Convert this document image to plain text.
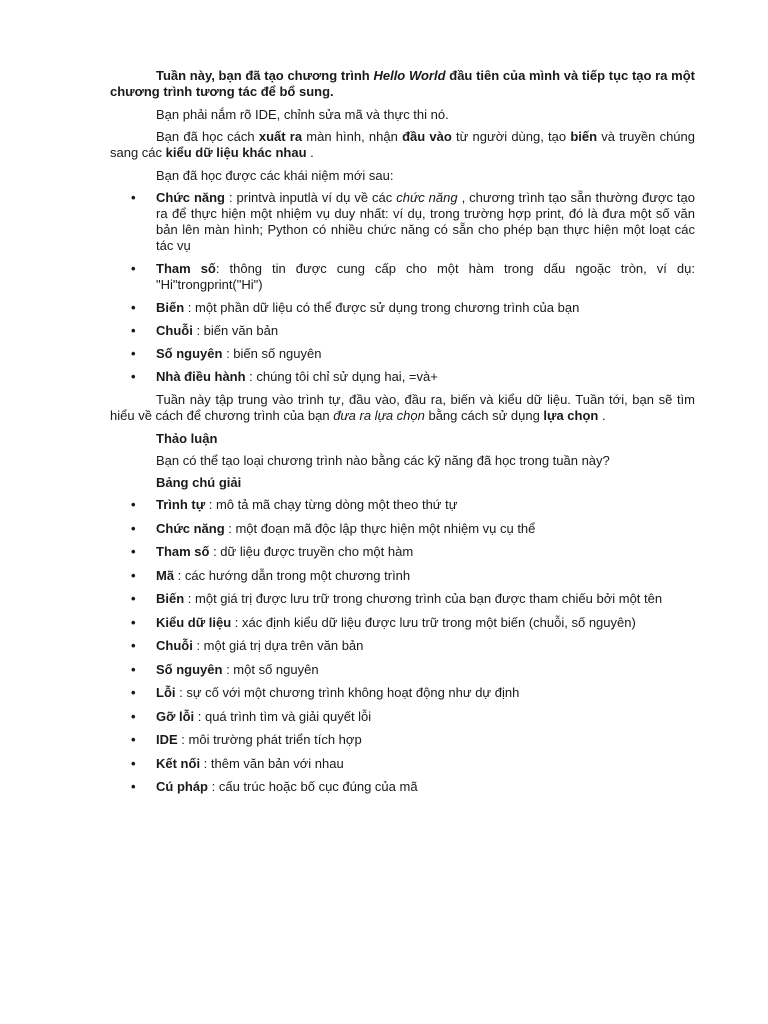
Tuần này, bạn đã tạo chương trình Hello World đầu tiên của mình và tiếp tục tạo ra một chương trình tương tác để bổ sung.

Bạn phải nắm rõ IDE, chỉnh sửa mã và thực thi nó.

Bạn đã học cách xuất ra màn hình, nhận đầu vào từ người dùng, tạo biến và truyền chúng sang các kiểu dữ liệu khác nhau .

Bạn đã học được các khái niệm mới sau:

• Chức năng : printvà inputlà ví dụ về các chức năng , chương trình tạo sẵn thường được tạo ra để thực hiện một nhiệm vụ duy nhất: ví dụ, trong trường hợp print, đó là đưa một số văn bản lên màn hình; Python có nhiều chức năng có sẵn cho phép bạn thực hiện một loạt các tác vụ
• Tham số: thông tin được cung cấp cho một hàm trong dấu ngoặc tròn, ví dụ: "Hi"trongprint("Hi")
• Biến : một phần dữ liệu có thể được sử dụng trong chương trình của bạn
• Chuỗi : biến văn bản
• Số nguyên : biến số nguyên
• Nhà điều hành : chúng tôi chỉ sử dụng hai, =và+

Tuần này tập trung vào trình tự, đầu vào, đầu ra, biến và kiểu dữ liệu. Tuần tới, bạn sẽ tìm hiểu về cách để chương trình của bạn đưa ra lựa chọn bằng cách sử dụng lựa chọn .

Thảo luận

Bạn có thể tạo loại chương trình nào bằng các kỹ năng đã học trong tuần này?

Bảng chú giải

• Trình tự : mô tả mã chạy từng dòng một theo thứ tự
• Chức năng : một đoạn mã độc lập thực hiện một nhiệm vụ cụ thể
• Tham số : dữ liệu được truyền cho một hàm
• Mã : các hướng dẫn trong một chương trình
• Biến : một giá trị được lưu trữ trong chương trình của bạn được tham chiếu bởi một tên
• Kiểu dữ liệu : xác định kiểu dữ liệu được lưu trữ trong một biến (chuỗi, số nguyên)
• Chuỗi : một giá trị dựa trên văn bản
• Số nguyên : một số nguyên
• Lỗi : sự cố với một chương trình không hoạt động như dự định
• Gỡ lỗi : quá trình tìm và giải quyết lỗi
• IDE : môi trường phát triển tích hợp
• Kết nối : thêm văn bản với nhau
• Cú pháp : cấu trúc hoặc bố cục đúng của mã
